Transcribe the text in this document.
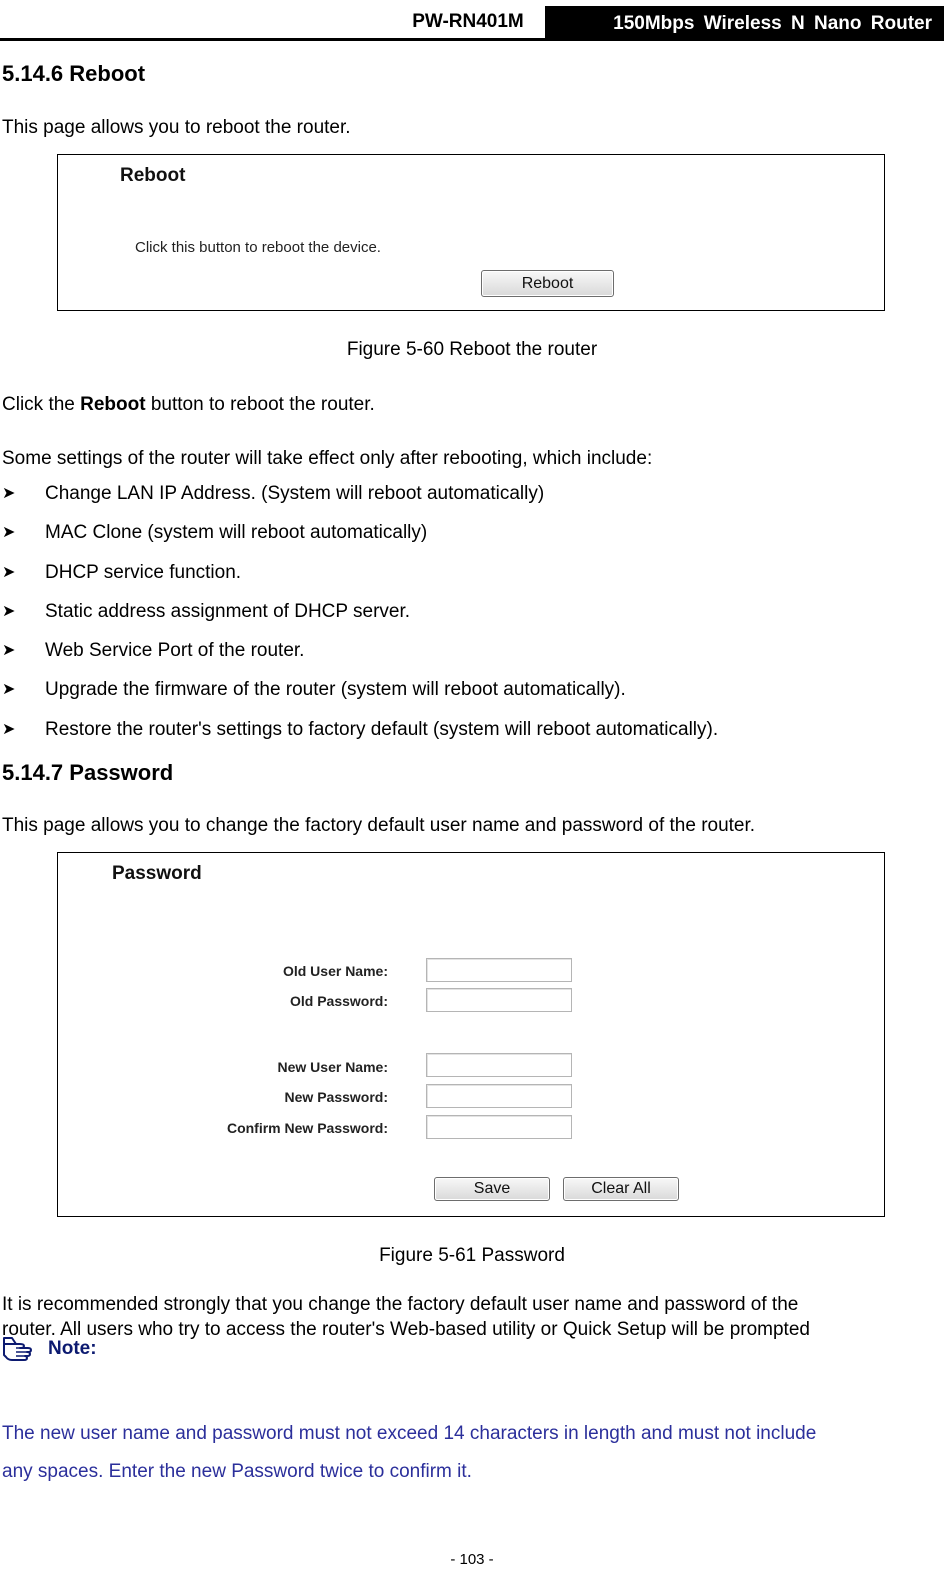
PW-RN401M	150Mbps Wireless N Nano Router
5.14.6 Reboot
This page allows you to reboot the router.
Reboot
Click this button to reboot the device.
Reboot
Figure 5-60 Reboot the router
Click the Reboot button to reboot the router.
Some settings of the router will take effect only after rebooting, which include:
➤ Change LAN IP Address. (System will reboot automatically)
➤ MAC Clone (system will reboot automatically)
➤ DHCP service function.
➤ Static address assignment of DHCP server.
➤ Web Service Port of the router.
➤ Upgrade the firmware of the router (system will reboot automatically).
➤ Restore the router's settings to factory default (system will reboot automatically).
5.14.7 Password
This page allows you to change the factory default user name and password of the router.
Password
Old User Name:
Old Password:
New User Name:
New Password:
Confirm New Password:
Save	Clear All
Figure 5-61 Password
It is recommended strongly that you change the factory default user name and password of the
router. All users who try to access the router's Web-based utility or Quick Setup will be prompted
Note:
The new user name and password must not exceed 14 characters in length and must not include
any spaces. Enter the new Password twice to confirm it.
- 103 -
